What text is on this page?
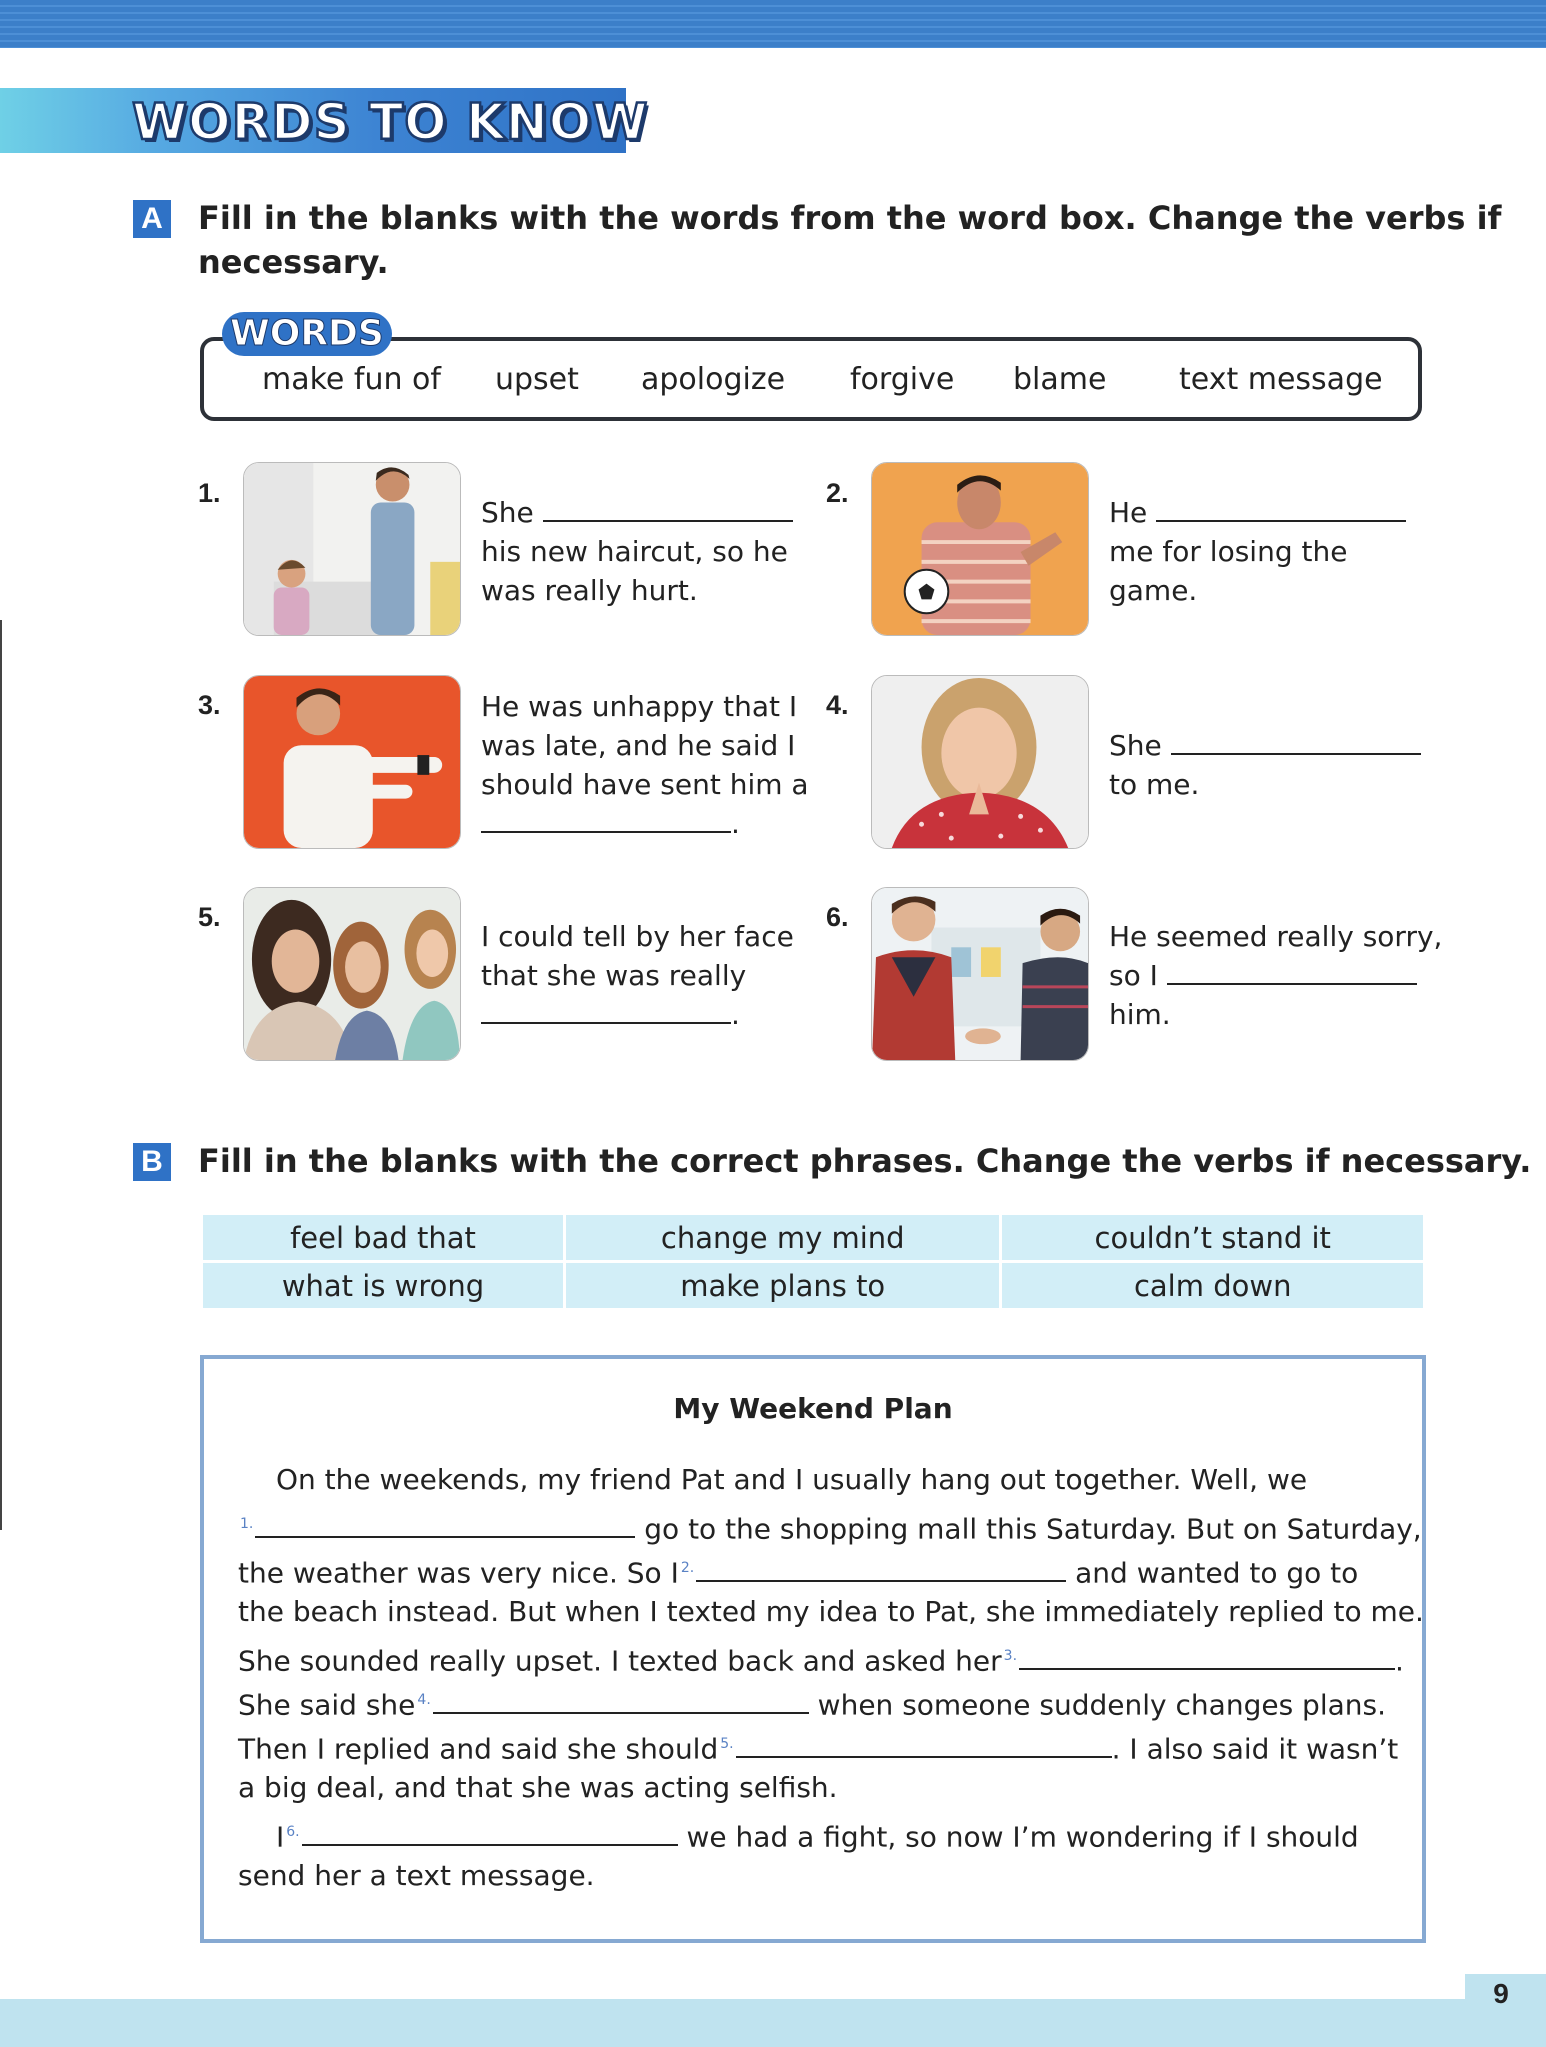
WORDS TO KNOW
A Fill in the blanks with the words from the word box. Change the verbs if
necessary.
WORDS
make fun of upset apologize forgive blame text message
1.
She
his new haircut, so he
was really hurt.
2.
He
me for losing the
game.
3.	He was unhappy that I
was late, and he said I
should have sent him a
.
4.
She
to me.
5.
I could tell by her face
that she was really
.
6.
He seemed really sorry,
so I
him.
B Fill in the blanks with the correct phrases. Change the verbs if necessary.
feel bad that	change my mind	couldn’t stand it
what is wrong	make plans to	calm down
My Weekend Plan
On the weekends, my friend Pat and I usually hang out together. Well, we
$^{1.}$	go to the shopping mall this Saturday. But on Saturday,
the weather was very nice. So I $^{2.}$	and wanted to go to
the beach instead. But when I texted my idea to Pat, she immediately replied to me.
She sounded really upset. I texted back and asked her $^{3.}$	.
She said she $^{4.}$	when someone suddenly changes plans.
Then I replied and said she should $^{5.}$	. I also said it wasn’t
a big deal, and that she was acting selfish.
I $^{6.}$	we had a fight, so now I’m wondering if I should
send her a text message.
9
